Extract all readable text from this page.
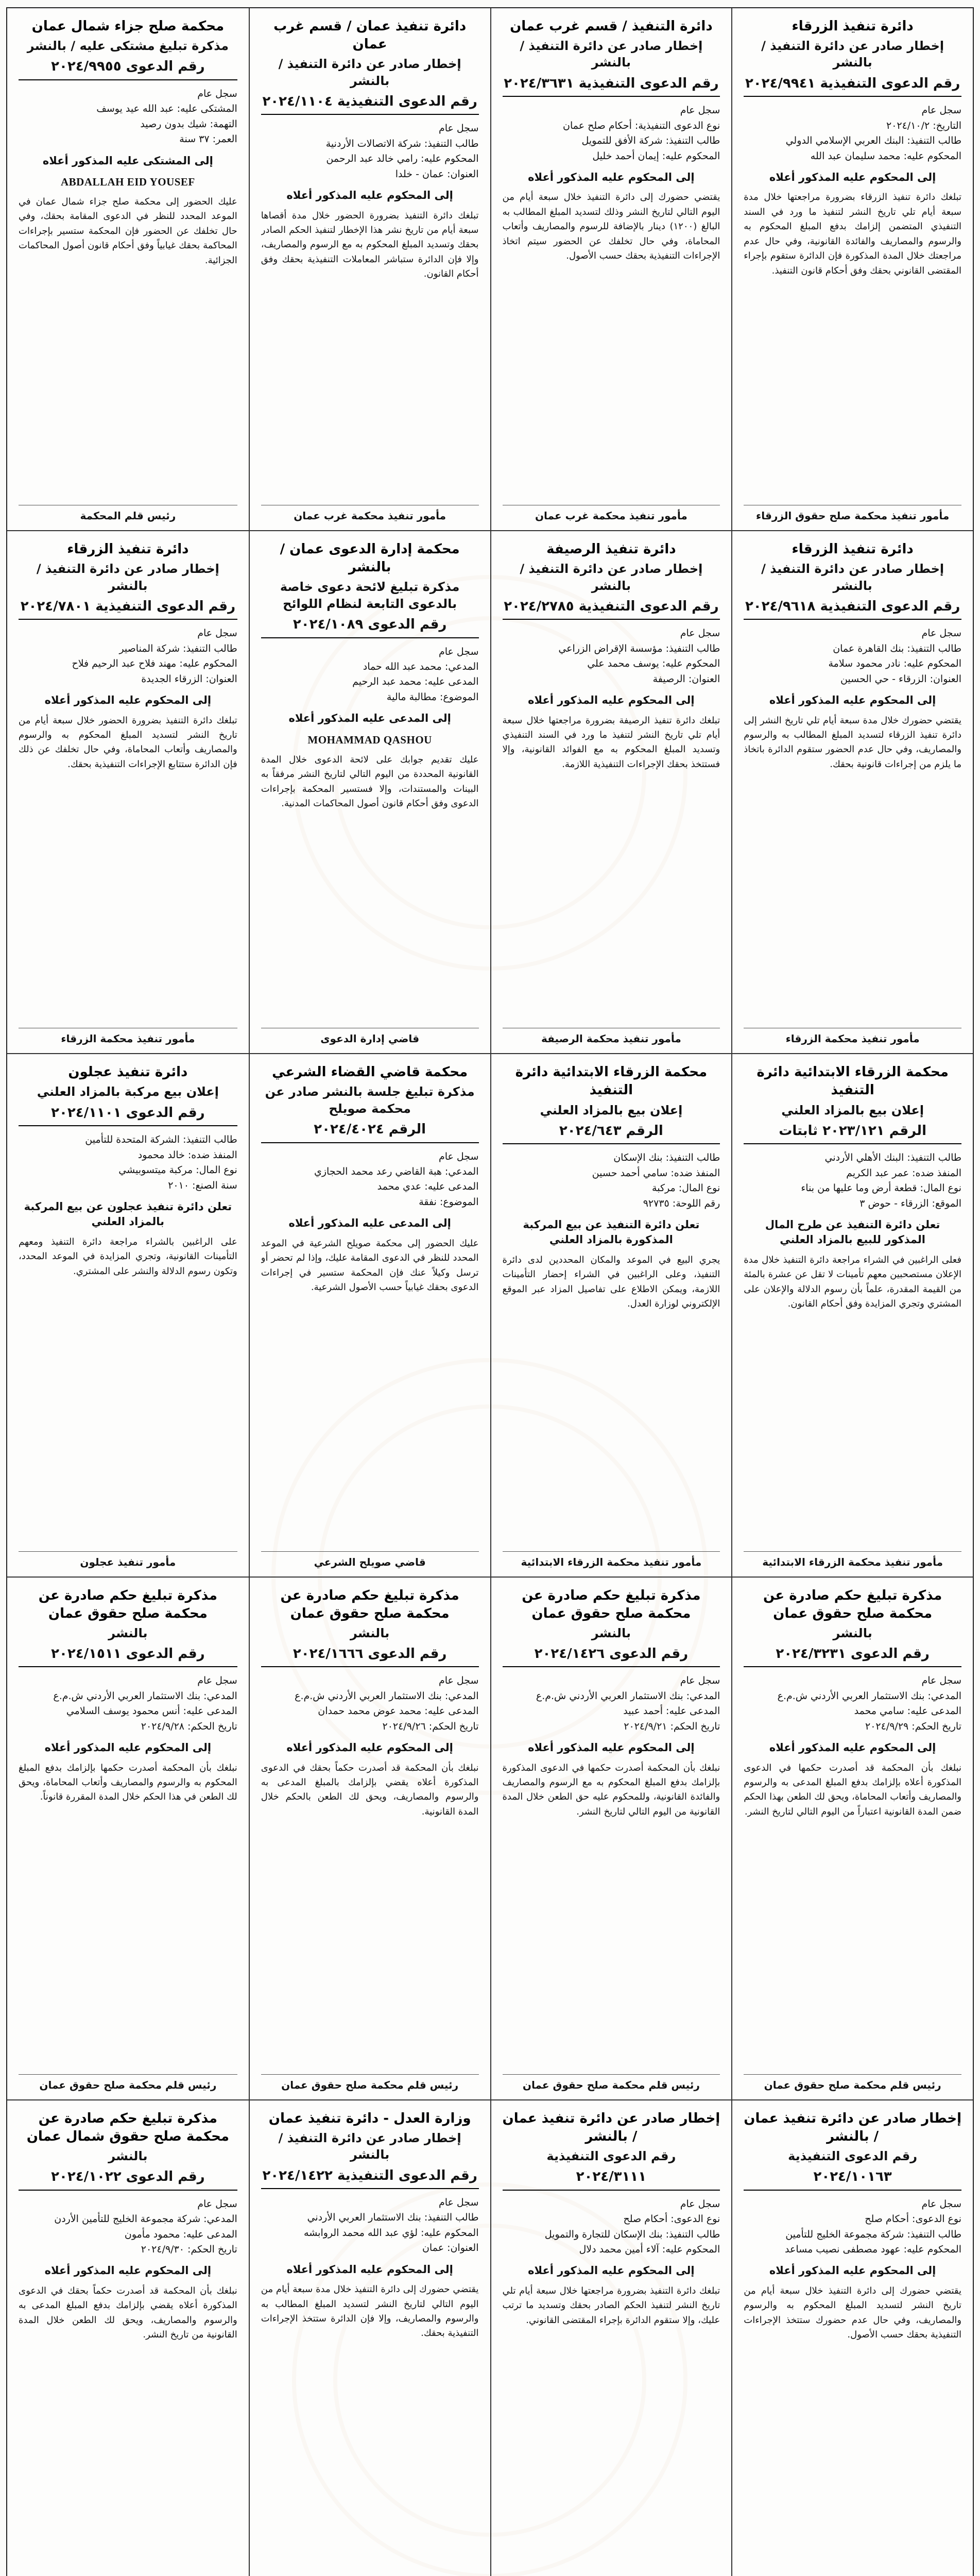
دائرة تنفيذ الزرقاء
إخطار صادر عن دائرة التنفيذ / بالنشر
رقم الدعوى التنفيذية ٢٠٢٤/٩٩٤١

سجل عام

التاريخ: ٢٠٢٤/١٠/٢

طالب التنفيذ: البنك العربي الإسلامي الدولي

المحكوم عليه: محمد سليمان عبد الله

إلى المحكوم عليه المذكور أعلاه
تبلغك دائرة تنفيذ الزرقاء بضرورة مراجعتها خلال مدة سبعة أيام تلي تاريخ النشر لتنفيذ ما ورد في السند التنفيذي المتضمن إلزامك بدفع المبلغ المحكوم به والرسوم والمصاريف والفائدة القانونية، وفي حال عدم مراجعتك خلال المدة المذكورة فإن الدائرة ستقوم بإجراء المقتضى القانوني بحقك وفق أحكام قانون التنفيذ.
مأمور تنفيذ محكمة صلح حقوق الزرقاء
دائرة التنفيذ / قسم غرب عمان
إخطار صادر عن دائرة التنفيذ / بالنشر
رقم الدعوى التنفيذية ٢٠٢٤/٣٦٣١

سجل عام

نوع الدعوى التنفيذية: أحكام صلح عمان

طالب التنفيذ: شركة الأفق للتمويل

المحكوم عليه: إيمان أحمد خليل

إلى المحكوم عليه المذكور أعلاه
يقتضي حضورك إلى دائرة التنفيذ خلال سبعة أيام من اليوم التالي لتاريخ النشر وذلك لتسديد المبلغ المطالب به البالغ (١٢٠٠) دينار بالإضافة للرسوم والمصاريف وأتعاب المحاماة، وفي حال تخلفك عن الحضور سيتم اتخاذ الإجراءات التنفيذية بحقك حسب الأصول.
مأمور تنفيذ محكمة غرب عمان
دائرة تنفيذ عمان / قسم غرب عمان
إخطار صادر عن دائرة التنفيذ / بالنشر
رقم الدعوى التنفيذية ٢٠٢٤/١١٠٤

سجل عام

طالب التنفيذ: شركة الاتصالات الأردنية

المحكوم عليه: رامي خالد عبد الرحمن

العنوان: عمان - خلدا

إلى المحكوم عليه المذكور أعلاه
تبلغك دائرة التنفيذ بضرورة الحضور خلال مدة أقصاها سبعة أيام من تاريخ نشر هذا الإخطار لتنفيذ الحكم الصادر بحقك وتسديد المبلغ المحكوم به مع الرسوم والمصاريف، وإلا فإن الدائرة ستباشر المعاملات التنفيذية بحقك وفق أحكام القانون.
مأمور تنفيذ محكمة غرب عمان
محكمة صلح جزاء شمال عمان
مذكرة تبليغ مشتكى عليه / بالنشر
رقم الدعوى ٢٠٢٤/٩٩٥٥

سجل عام

المشتكى عليه: عبد الله عيد يوسف

التهمة: شيك بدون رصيد

العمر: ٣٧ سنة

إلى المشتكى عليه المذكور أعلاه
ABDALLAH EID YOUSEF
عليك الحضور إلى محكمة صلح جزاء شمال عمان في الموعد المحدد للنظر في الدعوى المقامة بحقك، وفي حال تخلفك عن الحضور فإن المحكمة ستسير بإجراءات المحاكمة بحقك غيابياً وفق أحكام قانون أصول المحاكمات الجزائية.
رئيس قلم المحكمة
دائرة تنفيذ الزرقاء
إخطار صادر عن دائرة التنفيذ / بالنشر
رقم الدعوى التنفيذية ٢٠٢٤/٩٦١٨

سجل عام

طالب التنفيذ: بنك القاهرة عمان

المحكوم عليه: نادر محمود سلامة

العنوان: الزرقاء - حي الحسين

إلى المحكوم عليه المذكور أعلاه
يقتضي حضورك خلال مدة سبعة أيام تلي تاريخ النشر إلى دائرة تنفيذ الزرقاء لتسديد المبلغ المطالب به والرسوم والمصاريف، وفي حال عدم الحضور ستقوم الدائرة باتخاذ ما يلزم من إجراءات قانونية بحقك.
مأمور تنفيذ محكمة الزرقاء
دائرة تنفيذ الرصيفة
إخطار صادر عن دائرة التنفيذ / بالنشر
رقم الدعوى التنفيذية ٢٠٢٤/٢٧٨٥

سجل عام

طالب التنفيذ: مؤسسة الإقراض الزراعي

المحكوم عليه: يوسف محمد علي

العنوان: الرصيفة

إلى المحكوم عليه المذكور أعلاه
تبلغك دائرة تنفيذ الرصيفة بضرورة مراجعتها خلال سبعة أيام تلي تاريخ النشر لتنفيذ ما ورد في السند التنفيذي وتسديد المبلغ المحكوم به مع الفوائد القانونية، وإلا فستتخذ بحقك الإجراءات التنفيذية اللازمة.
مأمور تنفيذ محكمة الرصيفة
محكمة إدارة الدعوى عمان / بالنشر
مذكرة تبليغ لائحة دعوى خاصة بالدعوى التابعة لنظام اللوائح
رقم الدعوى ٢٠٢٤/١٠٨٩

سجل عام

المدعي: محمد عبد الله حماد

المدعى عليه: محمد عبد الرحيم

الموضوع: مطالبة مالية

إلى المدعى عليه المذكور أعلاه
MOHAMMAD QASHOU
عليك تقديم جوابك على لائحة الدعوى خلال المدة القانونية المحددة من اليوم التالي لتاريخ النشر مرفقاً به البينات والمستندات، وإلا فستسير المحكمة بإجراءات الدعوى وفق أحكام قانون أصول المحاكمات المدنية.
قاضي إدارة الدعوى
دائرة تنفيذ الزرقاء
إخطار صادر عن دائرة التنفيذ / بالنشر
رقم الدعوى التنفيذية ٢٠٢٤/٧٨٠١

سجل عام

طالب التنفيذ: شركة المناصير

المحكوم عليه: مهند فلاح عبد الرحيم فلاح

العنوان: الزرقاء الجديدة

إلى المحكوم عليه المذكور أعلاه
تبلغك دائرة التنفيذ بضرورة الحضور خلال سبعة أيام من تاريخ النشر لتسديد المبلغ المحكوم به والرسوم والمصاريف وأتعاب المحاماة، وفي حال تخلفك عن ذلك فإن الدائرة ستتابع الإجراءات التنفيذية بحقك.
مأمور تنفيذ محكمة الزرقاء
محكمة الزرقاء الابتدائية دائرة التنفيذ
إعلان بيع بالمزاد العلني
الرقم ٢٠٢٣/١٢١ ثابتات

طالب التنفيذ: البنك الأهلي الأردني

المنفذ ضده: عمر عبد الكريم

نوع المال: قطعة أرض وما عليها من بناء

الموقع: الزرقاء - حوض ٣

تعلن دائرة التنفيذ عن طرح المال المذكور للبيع بالمزاد العلني
فعلى الراغبين في الشراء مراجعة دائرة التنفيذ خلال مدة الإعلان مستصحبين معهم تأمينات لا تقل عن عشرة بالمئة من القيمة المقدرة، علماً بأن رسوم الدلالة والإعلان على المشتري وتجري المزايدة وفق أحكام القانون.
مأمور تنفيذ محكمة الزرقاء الابتدائية
محكمة الزرقاء الابتدائية دائرة التنفيذ
إعلان بيع بالمزاد العلني
الرقم ٢٠٢٤/٦٤٣

طالب التنفيذ: بنك الإسكان

المنفذ ضده: سامي أحمد حسين

نوع المال: مركبة

رقم اللوحة: ٩٢٧٣٥

تعلن دائرة التنفيذ عن بيع المركبة المذكورة بالمزاد العلني
يجري البيع في الموعد والمكان المحددين لدى دائرة التنفيذ، وعلى الراغبين في الشراء إحضار التأمينات اللازمة، ويمكن الاطلاع على تفاصيل المزاد عبر الموقع الإلكتروني لوزارة العدل.
مأمور تنفيذ محكمة الزرقاء الابتدائية
محكمة قاضي القضاء الشرعي
مذكرة تبليغ جلسة بالنشر صادر عن محكمة صويلح
الرقم ٢٠٢٤/٤٠٢٤

سجل عام

المدعي: هبة القاضي رعد محمد الحجازي

المدعى عليه: عدي محمد

الموضوع: نفقة

إلى المدعى عليه المذكور أعلاه
عليك الحضور إلى محكمة صويلح الشرعية في الموعد المحدد للنظر في الدعوى المقامة عليك، وإذا لم تحضر أو ترسل وكيلاً عنك فإن المحكمة ستسير في إجراءات الدعوى بحقك غيابياً حسب الأصول الشرعية.
قاضي صويلح الشرعي
دائرة تنفيذ عجلون
إعلان بيع مركبة بالمزاد العلني
رقم الدعوى ٢٠٢٤/١١٠١

طالب التنفيذ: الشركة المتحدة للتأمين

المنفذ ضده: خالد محمود

نوع المال: مركبة ميتسوبيشي

سنة الصنع: ٢٠١٠

تعلن دائرة تنفيذ عجلون عن بيع المركبة بالمزاد العلني
على الراغبين بالشراء مراجعة دائرة التنفيذ ومعهم التأمينات القانونية، وتجري المزايدة في الموعد المحدد، وتكون رسوم الدلالة والنشر على المشتري.
مأمور تنفيذ عجلون
مذكرة تبليغ حكم صادرة عن محكمة صلح حقوق عمان
بالنشر
رقم الدعوى ٢٠٢٤/٣٢٣١

سجل عام

المدعي: بنك الاستثمار العربي الأردني ش.م.ع

المدعى عليه: سامي محمد

تاريخ الحكم: ٢٠٢٤/٩/٢٩

إلى المحكوم عليه المذكور أعلاه
نبلغك بأن المحكمة قد أصدرت حكمها في الدعوى المذكورة أعلاه بإلزامك بدفع المبلغ المدعى به والرسوم والمصاريف وأتعاب المحاماة، ويحق لك الطعن بهذا الحكم ضمن المدة القانونية اعتباراً من اليوم التالي لتاريخ النشر.
رئيس قلم محكمة صلح حقوق عمان
مذكرة تبليغ حكم صادرة عن محكمة صلح حقوق عمان
بالنشر
رقم الدعوى ٢٠٢٤/١٤٢٦

سجل عام

المدعي: بنك الاستثمار العربي الأردني ش.م.ع

المدعى عليه: أحمد عبيد

تاريخ الحكم: ٢٠٢٤/٩/٢١

إلى المحكوم عليه المذكور أعلاه
نبلغك بأن المحكمة أصدرت حكمها في الدعوى المذكورة بإلزامك بدفع المبلغ المحكوم به مع الرسوم والمصاريف والفائدة القانونية، وللمحكوم عليه حق الطعن خلال المدة القانونية من اليوم التالي لتاريخ النشر.
رئيس قلم محكمة صلح حقوق عمان
مذكرة تبليغ حكم صادرة عن محكمة صلح حقوق عمان
بالنشر
رقم الدعوى ٢٠٢٤/١٦٦٦

سجل عام

المدعي: بنك الاستثمار العربي الأردني ش.م.ع

المدعى عليه: محمد عوض محمد حمدان

تاريخ الحكم: ٢٠٢٤/٩/٢٦

إلى المحكوم عليه المذكور أعلاه
نبلغك بأن المحكمة قد أصدرت حكماً بحقك في الدعوى المذكورة أعلاه يقضي بإلزامك بالمبلغ المدعى به والرسوم والمصاريف، ويحق لك الطعن بالحكم خلال المدة القانونية.
رئيس قلم محكمة صلح حقوق عمان
مذكرة تبليغ حكم صادرة عن محكمة صلح حقوق عمان
بالنشر
رقم الدعوى ٢٠٢٤/١٥١١

سجل عام

المدعي: بنك الاستثمار العربي الأردني ش.م.ع

المدعى عليه: أنس محمود يوسف السلامي

تاريخ الحكم: ٢٠٢٤/٩/٢٨

إلى المحكوم عليه المذكور أعلاه
نبلغك بأن المحكمة أصدرت حكمها بإلزامك بدفع المبلغ المحكوم به والرسوم والمصاريف وأتعاب المحاماة، ويحق لك الطعن في هذا الحكم خلال المدة المقررة قانوناً.
رئيس قلم محكمة صلح حقوق عمان
إخطار صادر عن دائرة تنفيذ عمان / بالنشر
رقم الدعوى التنفيذية
٢٠٢٤/١٠١٦٣

سجل عام

نوع الدعوى: أحكام صلح

طالب التنفيذ: شركة مجموعة الخليج للتأمين

المحكوم عليه: عهود مصطفى نصيب مساعد

إلى المحكوم عليه المذكور أعلاه
يقتضي حضورك إلى دائرة التنفيذ خلال سبعة أيام من تاريخ النشر لتسديد المبلغ المحكوم به والرسوم والمصاريف، وفي حال عدم حضورك ستتخذ الإجراءات التنفيذية بحقك حسب الأصول.
إخطار صادر عن دائرة تنفيذ عمان / بالنشر
رقم الدعوى التنفيذية
٢٠٢٤/٣١١١

سجل عام

نوع الدعوى: أحكام صلح

طالب التنفيذ: بنك الإسكان للتجارة والتمويل

المحكوم عليه: آلاء أمين محمد دلال

إلى المحكوم عليه المذكور أعلاه
تبلغك دائرة التنفيذ بضرورة مراجعتها خلال سبعة أيام تلي تاريخ النشر لتنفيذ الحكم الصادر بحقك وتسديد ما ترتب عليك، وإلا ستقوم الدائرة بإجراء المقتضى القانوني.
وزارة العدل - دائرة تنفيذ عمان
إخطار صادر عن دائرة التنفيذ / بالنشر
رقم الدعوى التنفيذية ٢٠٢٤/١٤٢٢

سجل عام

طالب التنفيذ: بنك الاستثمار العربي الأردني

المحكوم عليه: لؤي عبد الله محمد الروابشه

العنوان: عمان

إلى المحكوم عليه المذكور أعلاه
يقتضي حضورك إلى دائرة التنفيذ خلال مدة سبعة أيام من اليوم التالي لتاريخ النشر لتسديد المبلغ المطالب به والرسوم والمصاريف، وإلا فإن الدائرة ستتخذ الإجراءات التنفيذية بحقك.
مذكرة تبليغ حكم صادرة عن محكمة صلح حقوق شمال عمان
بالنشر
رقم الدعوى ٢٠٢٤/١٠٢٢

سجل عام

المدعي: شركة مجموعة الخليج للتأمين الأردن

المدعى عليه: محمود مأمون

تاريخ الحكم: ٢٠٢٤/٩/٣٠

إلى المحكوم عليه المذكور أعلاه
نبلغك بأن المحكمة قد أصدرت حكماً بحقك في الدعوى المذكورة أعلاه يقضي بإلزامك بدفع المبلغ المدعى به والرسوم والمصاريف، ويحق لك الطعن خلال المدة القانونية من تاريخ النشر.
